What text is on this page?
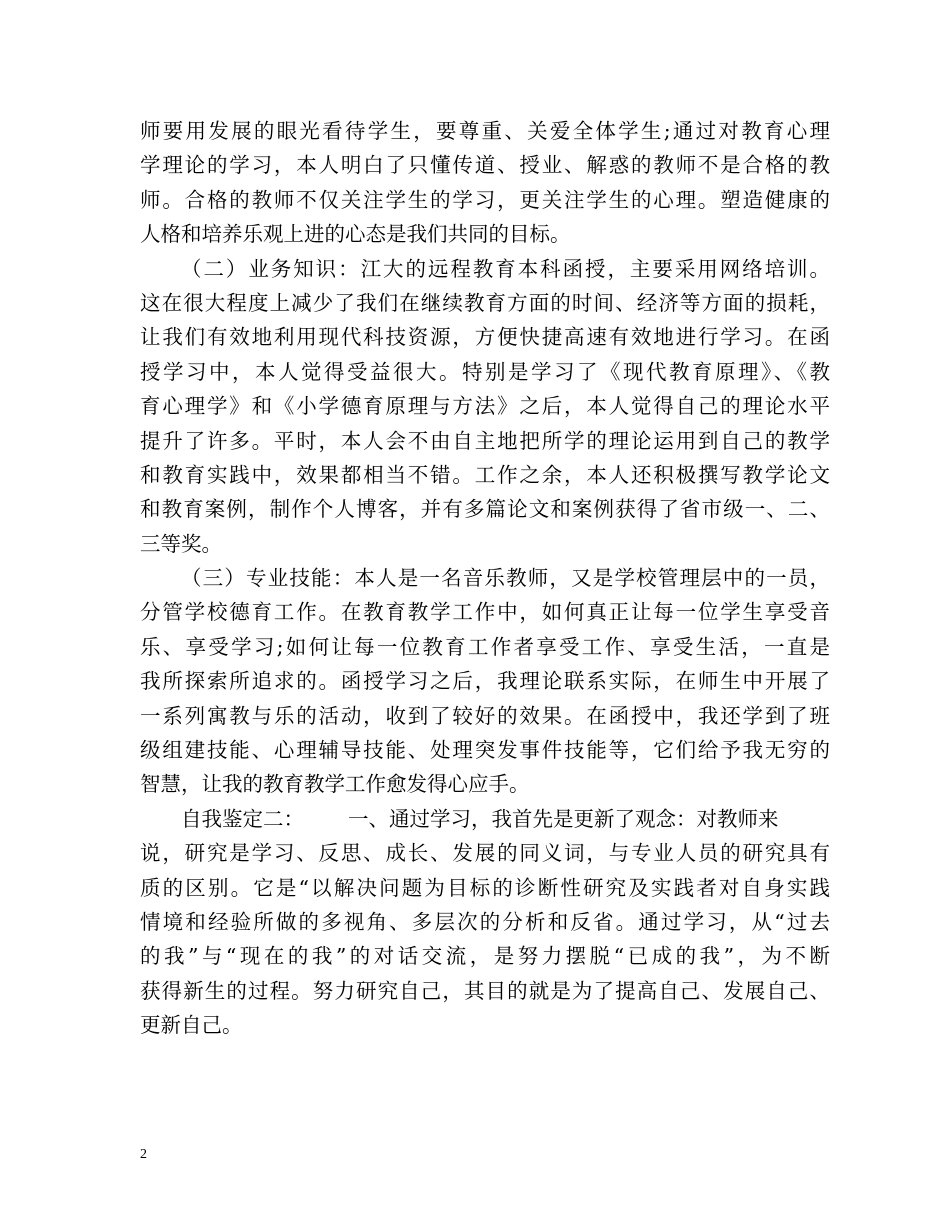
师要用发展的眼光看待学生，要尊重、关爱全体学生;通过对教育心理
学理论的学习，本人明白了只懂传道、授业、解惑的教师不是合格的教
师。合格的教师不仅关注学生的学习，更关注学生的心理。塑造健康的
人格和培养乐观上进的心态是我们共同的目标。
（二）业务知识：江大的远程教育本科函授，主要采用网络培训。
这在很大程度上减少了我们在继续教育方面的时间、经济等方面的损耗，
让我们有效地利用现代科技资源，方便快捷高速有效地进行学习。在函
授学习中，本人觉得受益很大。特别是学习了《现代教育原理》、《教
育心理学》和《小学德育原理与方法》之后，本人觉得自己的理论水平
提升了许多。平时，本人会不由自主地把所学的理论运用到自己的教学
和教育实践中，效果都相当不错。工作之余，本人还积极撰写教学论文
和教育案例，制作个人博客，并有多篇论文和案例获得了省市级一、二、
三等奖。
（三）专业技能：本人是一名音乐教师，又是学校管理层中的一员，
分管学校德育工作。在教育教学工作中，如何真正让每一位学生享受音
乐、享受学习;如何让每一位教育工作者享受工作、享受生活，一直是
我所探索所追求的。函授学习之后，我理论联系实际，在师生中开展了
一系列寓教与乐的活动，收到了较好的效果。在函授中，我还学到了班
级组建技能、心理辅导技能、处理突发事件技能等，它们给予我无穷的
智慧，让我的教育教学工作愈发得心应手。
自我鉴定二： 一、通过学习，我首先是更新了观念：对教师来
说，研究是学习、反思、成长、发展的同义词，与专业人员的研究具有
质的区别。它是“以解决问题为目标的诊断性研究及实践者对自身实践
情境和经验所做的多视角、多层次的分析和反省。通过学习，从“过去
的我”与“现在的我”的对话交流，是努力摆脱“已成的我”，为不断
获得新生的过程。努力研究自己，其目的就是为了提高自己、发展自己、
更新自己。
2
